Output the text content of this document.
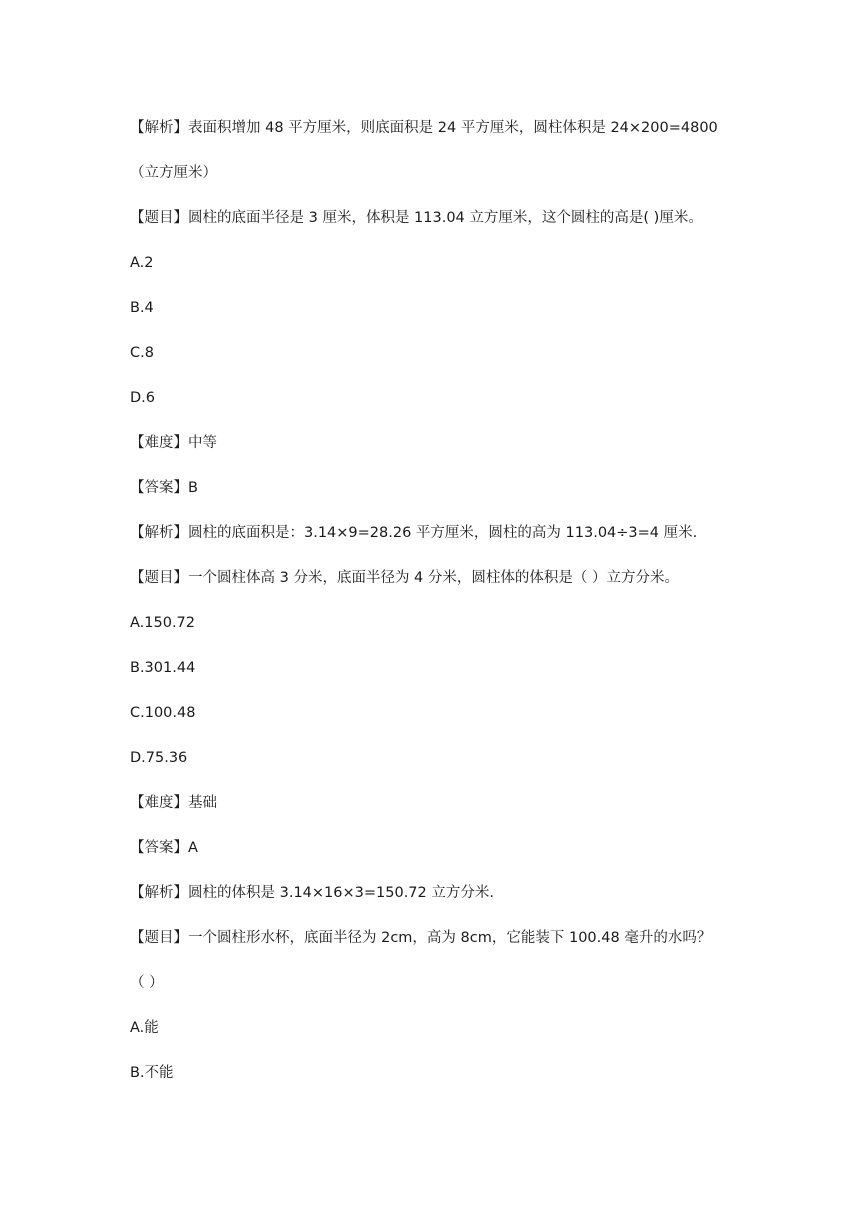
【解析】表面积增加 48 平方厘米，则底面积是 24 平方厘米，圆柱体积是 24×200=4800
（立方厘米）
【题目】圆柱的底面半径是 3 厘米，体积是 113.04 立方厘米，这个圆柱的高是( )厘米。
A.2
B.4
C.8
D.6
【难度】中等
【答案】B
【解析】圆柱的底面积是：3.14×9=28.26 平方厘米，圆柱的高为 113.04÷3=4 厘米.
【题目】一个圆柱体高 3 分米，底面半径为 4 分米，圆柱体的体积是（ ）立方分米。
A.150.72
B.301.44
C.100.48
D.75.36
【难度】基础
【答案】A
【解析】圆柱的体积是 3.14×16×3=150.72 立方分米.
【题目】一个圆柱形水杯，底面半径为 2cm，高为 8cm，它能装下 100.48 毫升的水吗？
（ ）
A.能
B.不能
